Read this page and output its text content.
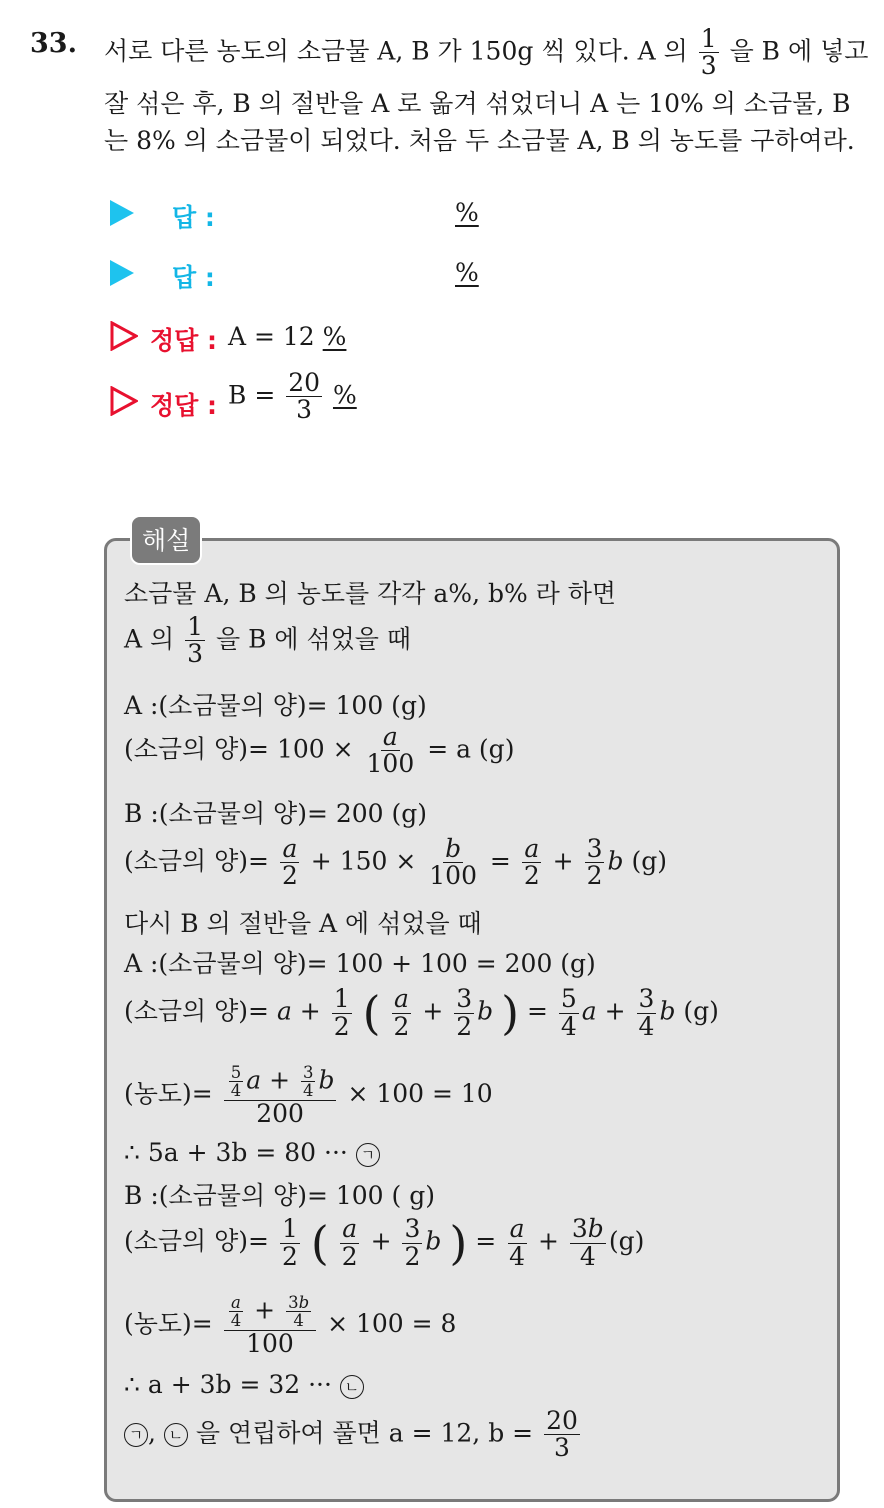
33. 서로 다른 농도의 소금물 A, B 가 150g 씩 있다. A 의 $\frac{1}{3}$ 을 B 에 넣고
잘 섞은 후, B 의 절반을 A 로 옮겨 섞었더니 A 는 10% 의 소금물, B
는 8% 의 소금물이 되었다. 처음 두 소금물 A, B 의 농도를 구하여라.
답 :	%
답 :	%
정답 : A = 12 %
정답 : $B = \frac{20}{3}$ %
해설
소금물 A, B 의 농도를 각각 a%, b% 라 하면
A 의 $\frac{1}{3}$ 을 B 에 섞었을 때
A :(소금물의 양)= 100 (g)
(소금의 양)= $100 \times \frac{a}{100} = a$ (g)
B :(소금물의 양)= 200 (g)
(소금의 양)= $\frac{a}{2} + 150 \times \frac{b}{100} = \frac{a}{2} + \frac{3}{2}$ b (g)
다시 B 의 절반을 A 에 섞었을 때
A :(소금물의 양)= 100 + 100 = 200 (g)
(소금의 양)= $a + \frac{1}{2}$ ( $\frac{a}{2} + \frac{3}{2}$ b ) = $\frac{5}{4}$ $a + \frac{3}{4}$ b (g)
(농도)= $\frac{\frac{5}{4} a + \frac{3}{4} b}{200} \times 100 = 10$
∴ 5a + 3b = 80 ··· ㄱ
B :(소금물의 양)= 100 ( g)
(소금의 양)= $\frac{1}{2}$ ( $\frac{a}{2} + \frac{3}{2}$ b ) = $\frac{a}{4} + \frac{3b}{4} (g)$
(농도)= $\frac{\frac{a}{4} + \frac{3b}{4}}{100} \times 100 = 8$
∴ a + 3b = 32 ··· ㄴ
ㄱ , ㄴ 을 연립하여 풀면 a = 12, $b = \frac{20}{3}$
